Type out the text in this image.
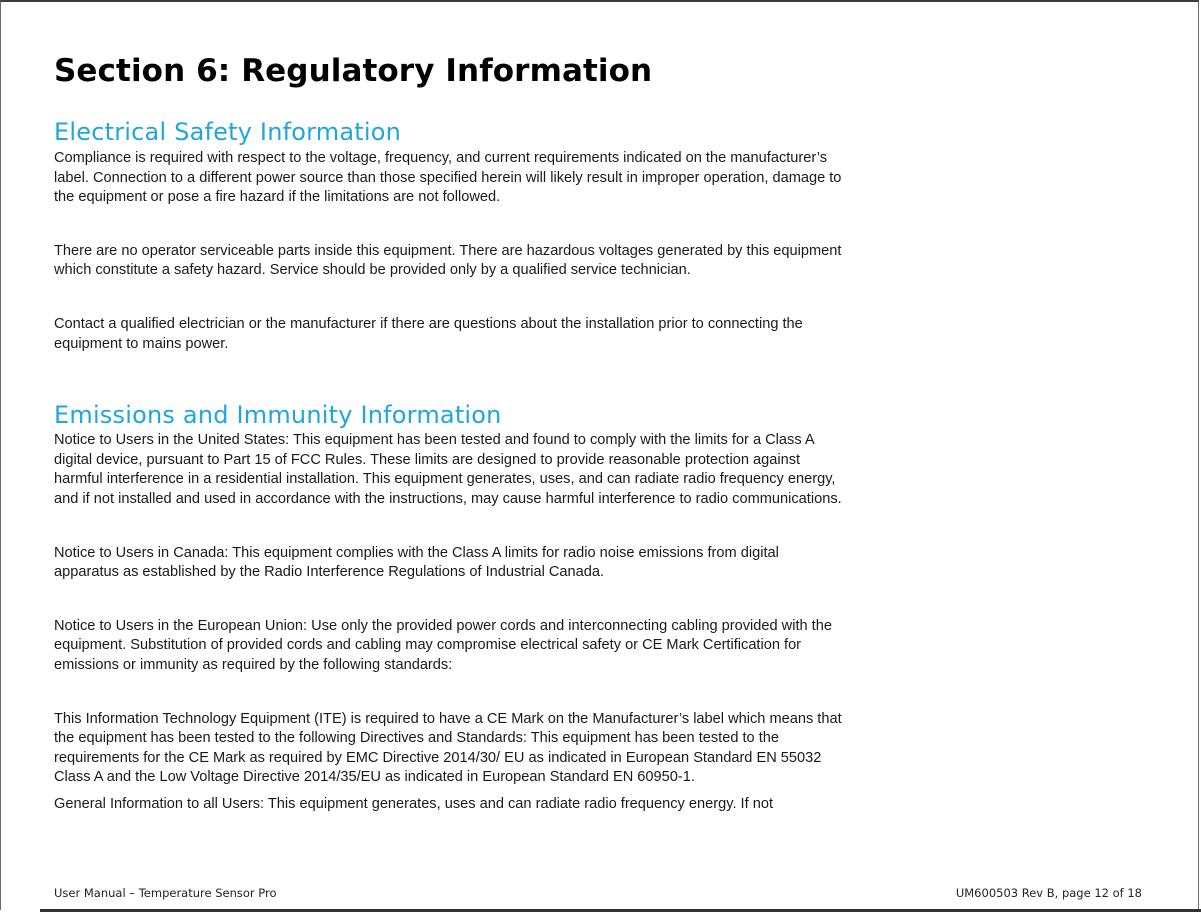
Section 6: Regulatory Information
Electrical Safety Information

Compliance is required with respect to the voltage, frequency, and current requirements indicated on the manufacturer’s label. Connection to a different power source than those specified herein will likely result in improper operation, damage to the equipment or pose a fire hazard if the limitations are not followed.

There are no operator serviceable parts inside this equipment. There are hazardous voltages generated by this equipment which constitute a safety hazard. Service should be provided only by a qualified service technician.

Contact a qualified electrician or the manufacturer if there are questions about the installation prior to connecting the equipment to mains power.

Emissions and Immunity Information

Notice to Users in the United States: This equipment has been tested and found to comply with the limits for a Class A digital device, pursuant to Part 15 of FCC Rules. These limits are designed to provide reasonable protection against harmful interference in a residential installation. This equipment generates, uses, and can radiate radio frequency energy, and if not installed and used in accordance with the instructions, may cause harmful interference to radio communications.

Notice to Users in Canada: This equipment complies with the Class A limits for radio noise emissions from digital apparatus as established by the Radio Interference Regulations of Industrial Canada.

Notice to Users in the European Union: Use only the provided power cords and interconnecting cabling provided with the equipment. Substitution of provided cords and cabling may compromise electrical safety or CE Mark Certification for emissions or immunity as required by the following standards:

This Information Technology Equipment (ITE) is required to have a CE Mark on the Manufacturer’s label which means that the equipment has been tested to the following Directives and Standards: This equipment has been tested to the requirements for the CE Mark as required by EMC Directive 2014/30/ EU as indicated in European Standard EN 55032 Class A and the Low Voltage Directive 2014/35/EU as indicated in European Standard EN 60950-1.

General Information to all Users: This equipment generates, uses and can radiate radio frequency energy. If not

User Manual – Temperature Sensor Pro	UM600503 Rev B, page 12 of 18
